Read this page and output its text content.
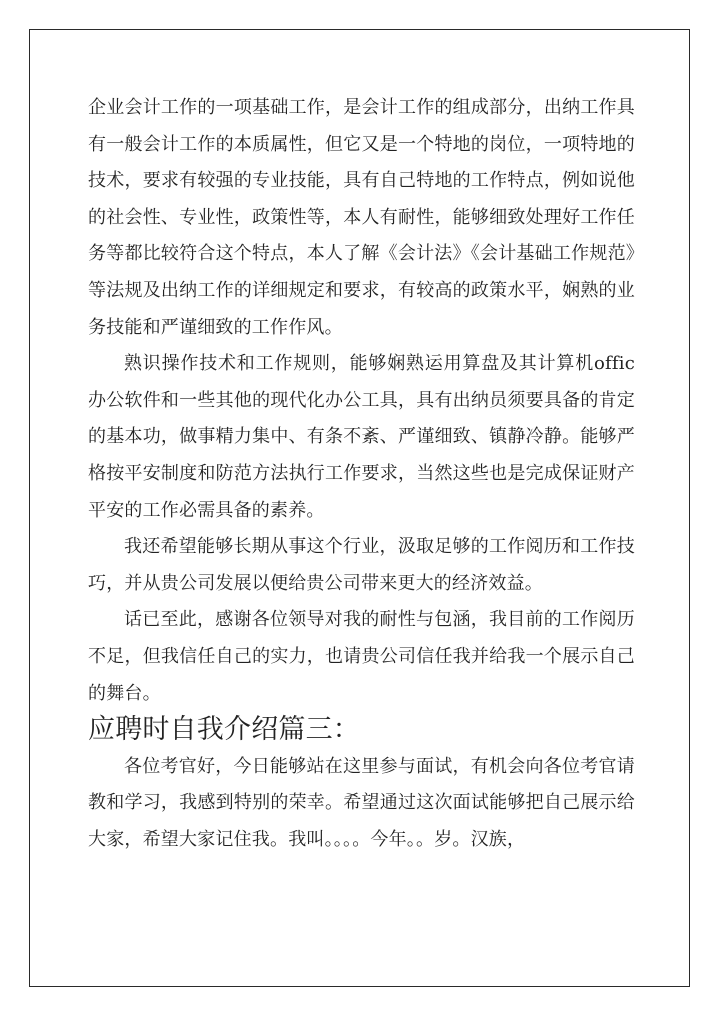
企业会计工作的一项基础工作，是会计工作的组成部分，出纳工作具有一般会计工作的本质属性，但它又是一个特地的岗位，一项特地的技术，要求有较强的专业技能，具有自己特地的工作特点，例如说他的社会性、专业性，政策性等，本人有耐性，能够细致处理好工作任务等都比较符合这个特点，本人了解《会计法》《会计基础工作规范》等法规及出纳工作的详细规定和要求，有较高的政策水平，娴熟的业务技能和严谨细致的工作作风。

熟识操作技术和工作规则，能够娴熟运用算盘及其计算机offic办公软件和一些其他的现代化办公工具，具有出纳员须要具备的肯定的基本功，做事精力集中、有条不紊、严谨细致、镇静冷静。能够严格按平安制度和防范方法执行工作要求，当然这些也是完成保证财产平安的工作必需具备的素养。

我还希望能够长期从事这个行业，汲取足够的工作阅历和工作技巧，并从贵公司发展以便给贵公司带来更大的经济效益。

话已至此，感谢各位领导对我的耐性与包涵，我目前的工作阅历不足，但我信任自己的实力，也请贵公司信任我并给我一个展示自己的舞台。

应聘时自我介绍篇三：

各位考官好，今日能够站在这里参与面试，有机会向各位考官请教和学习，我感到特别的荣幸。希望通过这次面试能够把自己展示给大家，希望大家记住我。我叫。。。。今年。。岁。汉族，
